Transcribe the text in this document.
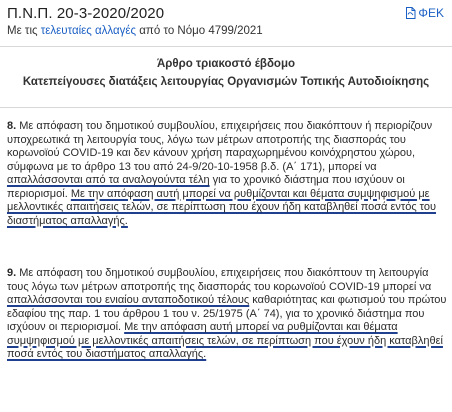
Π.Ν.Π. 20-3-2020/2020	ΦΕΚ
Με τις τελευταίες αλλαγές από το Νόμο 4799/2021
Άρθρο τριακοστό έβδομο
Κατεπείγουσες διατάξεις λειτουργίας Οργανισμών Τοπικής Αυτοδιοίκησης

8. Με απόφαση του δημοτικού συμβουλίου, επιχειρήσεις που διακόπτουν ή περιορίζουν υποχρεωτικά τη λειτουργία τους, λόγω των μέτρων αποτροπής της διασποράς του κορωνοϊού COVID-19 και δεν κάνουν χρήση παραχωρημένου κοινόχρηστου χώρου, σύμφωνα με το άρθρο 13 του από 24-9/20-10-1958 β.δ. (Α΄ 171), μπορεί να απαλλάσσονται από τα αναλογούντα τέλη για το χρονικό διάστημα που ισχύουν οι περιορισμοί. Με την απόφαση αυτή μπορεί να ρυθμίζονται και θέματα συμψηφισμού με μελλοντικές απαιτήσεις τελών, σε περίπτωση που έχουν ήδη καταβληθεί ποσά εντός του διαστήματος απαλλαγής.

9. Με απόφαση του δημοτικού συμβουλίου, επιχειρήσεις που διακόπτουν τη λειτουργία τους λόγω των μέτρων αποτροπής της διασποράς του κορωνοϊού COVID-19 μπορεί να απαλλάσσονται του ενιαίου ανταποδοτικού τέλους καθαριότητας και φωτισμού του πρώτου εδαφίου της παρ. 1 του άρθρου 1 του ν. 25/1975 (Α΄ 74), για το χρονικό διάστημα που ισχύουν οι περιορισμοί. Με την απόφαση αυτή μπορεί να ρυθμίζονται και θέματα συμψηφισμού με μελλοντικές απαιτήσεις τελών, σε περίπτωση που έχουν ήδη καταβληθεί ποσά εντός του διαστήματος απαλλαγής.
